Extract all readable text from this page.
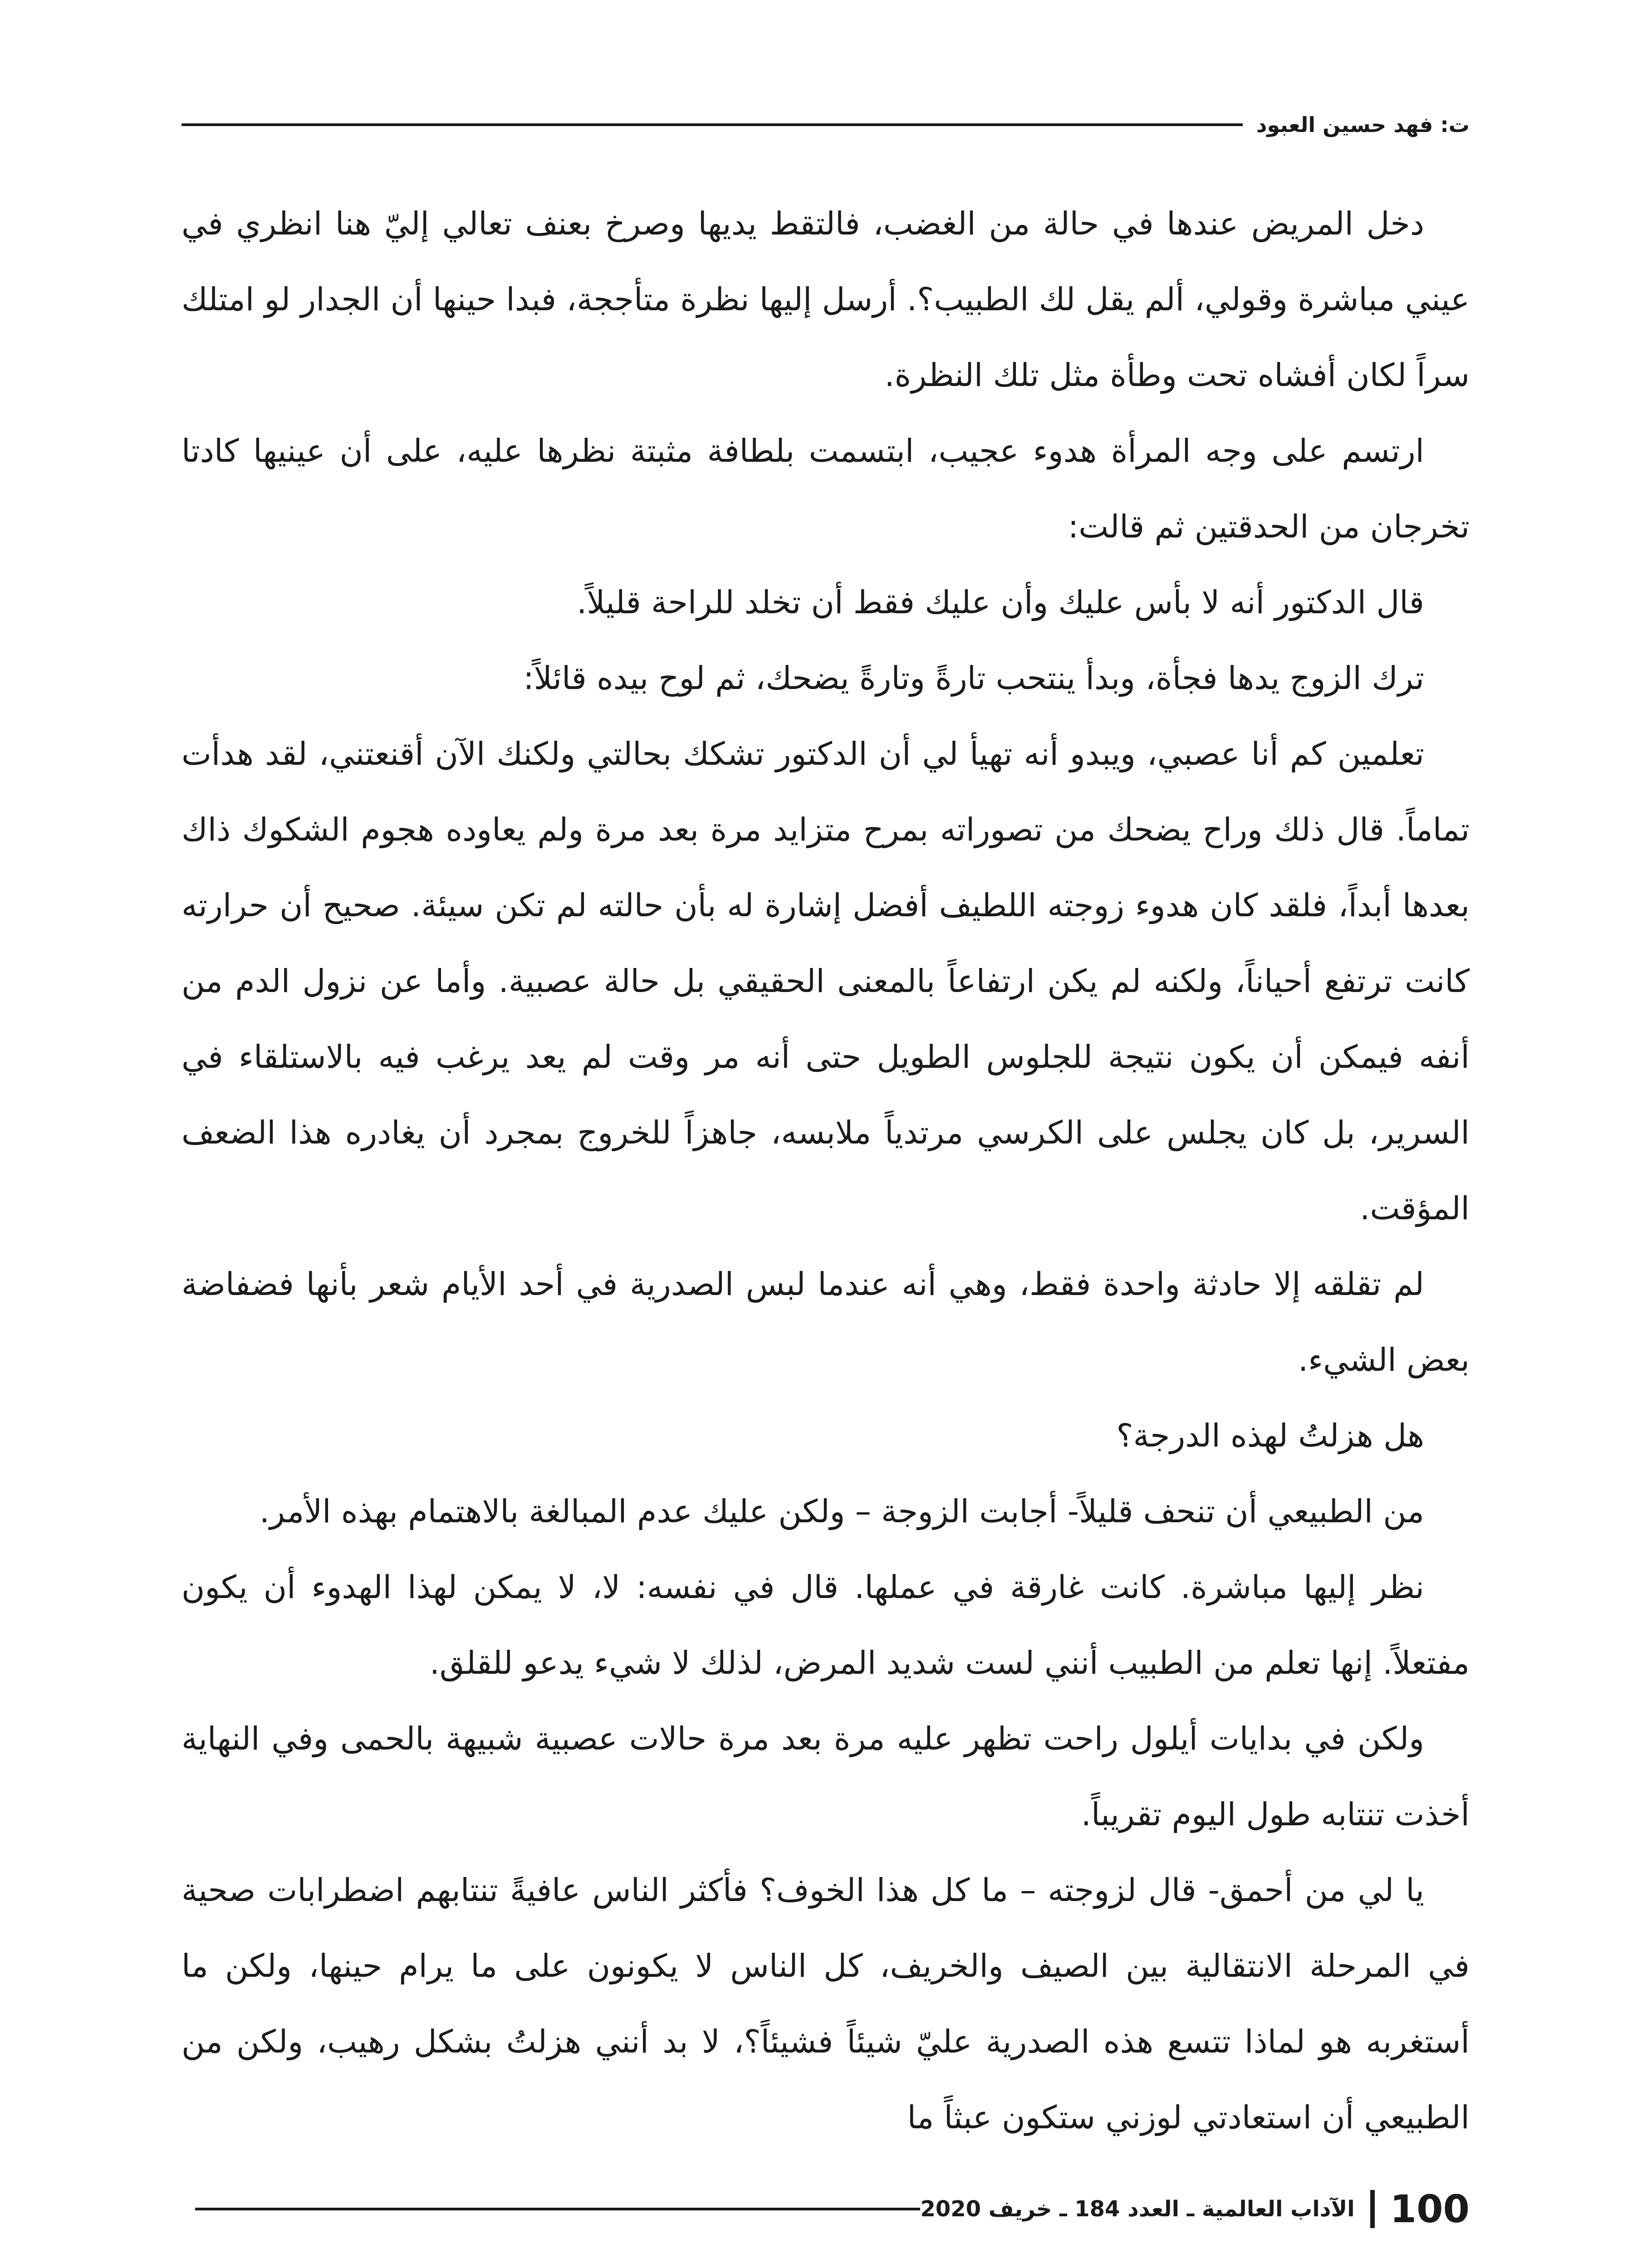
ت: فهد حسين العبود

دخل المريض عندها في حالة من الغضب، فالتقط يديها وصرخ بعنف تعالي إليّ هنا انظري في عيني مباشرة وقولي، ألم يقل لك الطبيب؟. أرسل إليها نظرة متأججة، فبدا حينها أن الجدار لو امتلك سراً لكان أفشاه تحت وطأة مثل تلك النظرة.

ارتسم على وجه المرأة هدوء عجيب، ابتسمت بلطافة مثبتة نظرها عليه، على أن عينيها كادتا تخرجان من الحدقتين ثم قالت:

قال الدكتور أنه لا بأس عليك وأن عليك فقط أن تخلد للراحة قليلاً.

ترك الزوج يدها فجأة، وبدأ ينتحب تارةً وتارةً يضحك، ثم لوح بيده قائلاً:

تعلمين كم أنا عصبي، ويبدو أنه تهيأ لي أن الدكتور تشكك بحالتي ولكنك الآن أقنعتني، لقد هدأت تماماً. قال ذلك وراح يضحك من تصوراته بمرح متزايد مرة بعد مرة ولم يعاوده هجوم الشكوك ذاك بعدها أبداً، فلقد كان هدوء زوجته اللطيف أفضل إشارة له بأن حالته لم تكن سيئة. صحيح أن حرارته كانت ترتفع أحياناً، ولكنه لم يكن ارتفاعاً بالمعنى الحقيقي بل حالة عصبية. وأما عن نزول الدم من أنفه فيمكن أن يكون نتيجة للجلوس الطويل حتى أنه مر وقت لم يعد يرغب فيه بالاستلقاء في السرير، بل كان يجلس على الكرسي مرتدياً ملابسه، جاهزاً للخروج بمجرد أن يغادره هذا الضعف المؤقت.

لم تقلقه إلا حادثة واحدة فقط، وهي أنه عندما لبس الصدرية في أحد الأيام شعر بأنها فضفاضة بعض الشيء.

هل هزلتُ لهذه الدرجة؟

من الطبيعي أن تنحف قليلاً- أجابت الزوجة – ولكن عليك عدم المبالغة بالاهتمام بهذه الأمر.

نظر إليها مباشرة. كانت غارقة في عملها. قال في نفسه: لا، لا يمكن لهذا الهدوء أن يكون مفتعلاً. إنها تعلم من الطبيب أنني لست شديد المرض، لذلك لا شيء يدعو للقلق.

ولكن في بدايات أيلول راحت تظهر عليه مرة بعد مرة حالات عصبية شبيهة بالحمى وفي النهاية أخذت تنتابه طول اليوم تقريباً.

يا لي من أحمق- قال لزوجته – ما كل هذا الخوف؟ فأكثر الناس عافيةً تنتابهم اضطرابات صحية في المرحلة الانتقالية بين الصيف والخريف، كل الناس لا يكونون على ما يرام حينها، ولكن ما أستغربه هو لماذا تتسع هذه الصدرية عليّ شيئاً فشيئاً؟، لا بد أنني هزلتُ بشكل رهيب، ولكن من الطبيعي أن استعادتي لوزني ستكون عبثاً ما

100
الآداب العالمية ـ العدد 184 ـ خريف 2020
